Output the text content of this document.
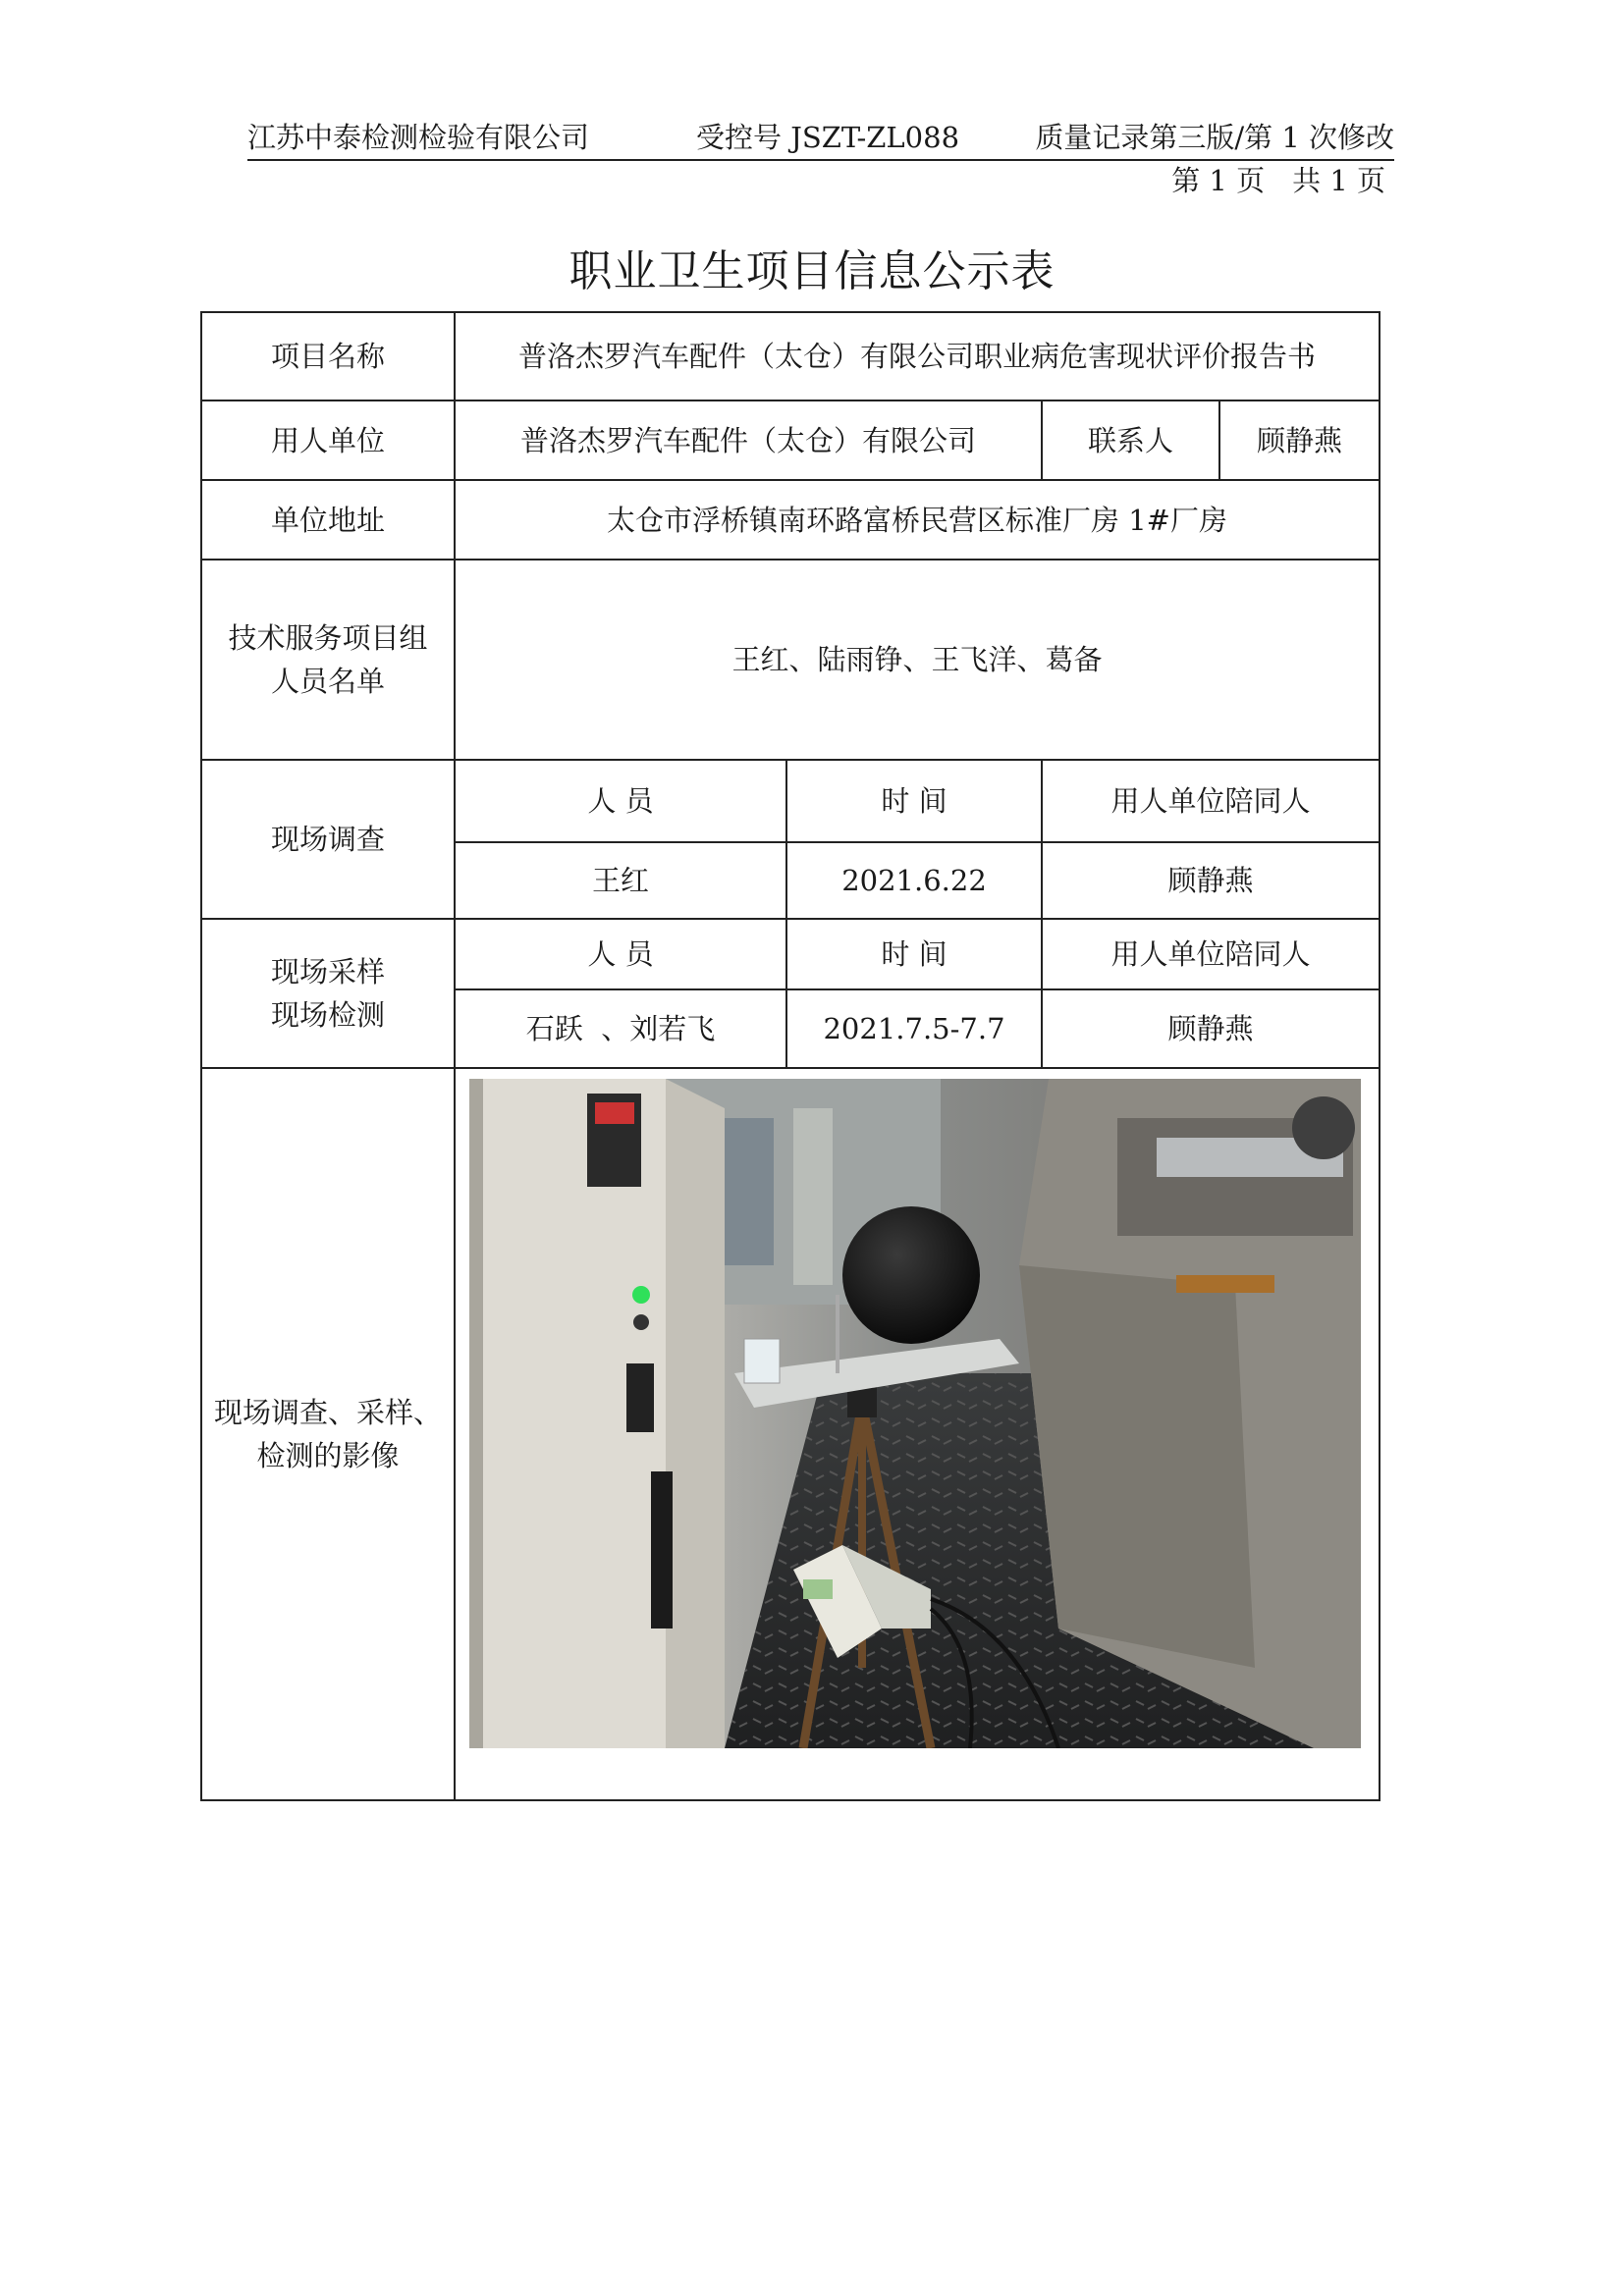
江苏中泰检测检验有限公司	受控号 JSZT-ZL088	质量记录第三版/第 1 次修改
第 1 页 共 1 页
职业卫生项目信息公示表
项目名称	普洛杰罗汽车配件（太仓）有限公司职业病危害现状评价报告书			
用人单位	普洛杰罗汽车配件（太仓）有限公司		联系人	顾静燕
单位地址	太仓市浮桥镇南环路富桥民营区标准厂房 1#厂房			
技术服务项目组
人员名单	王红、陆雨铮、王飞洋、葛备			
现场调查	人 员	时 间	用人单位陪同人	
	王红	2021.6.22	顾静燕	
现场采样
现场检测	人 员	时 间	用人单位陪同人	
	石跃  、刘若飞	2021.7.5-7.7	顾静燕	
现场调查、采样、
检测的影像	
